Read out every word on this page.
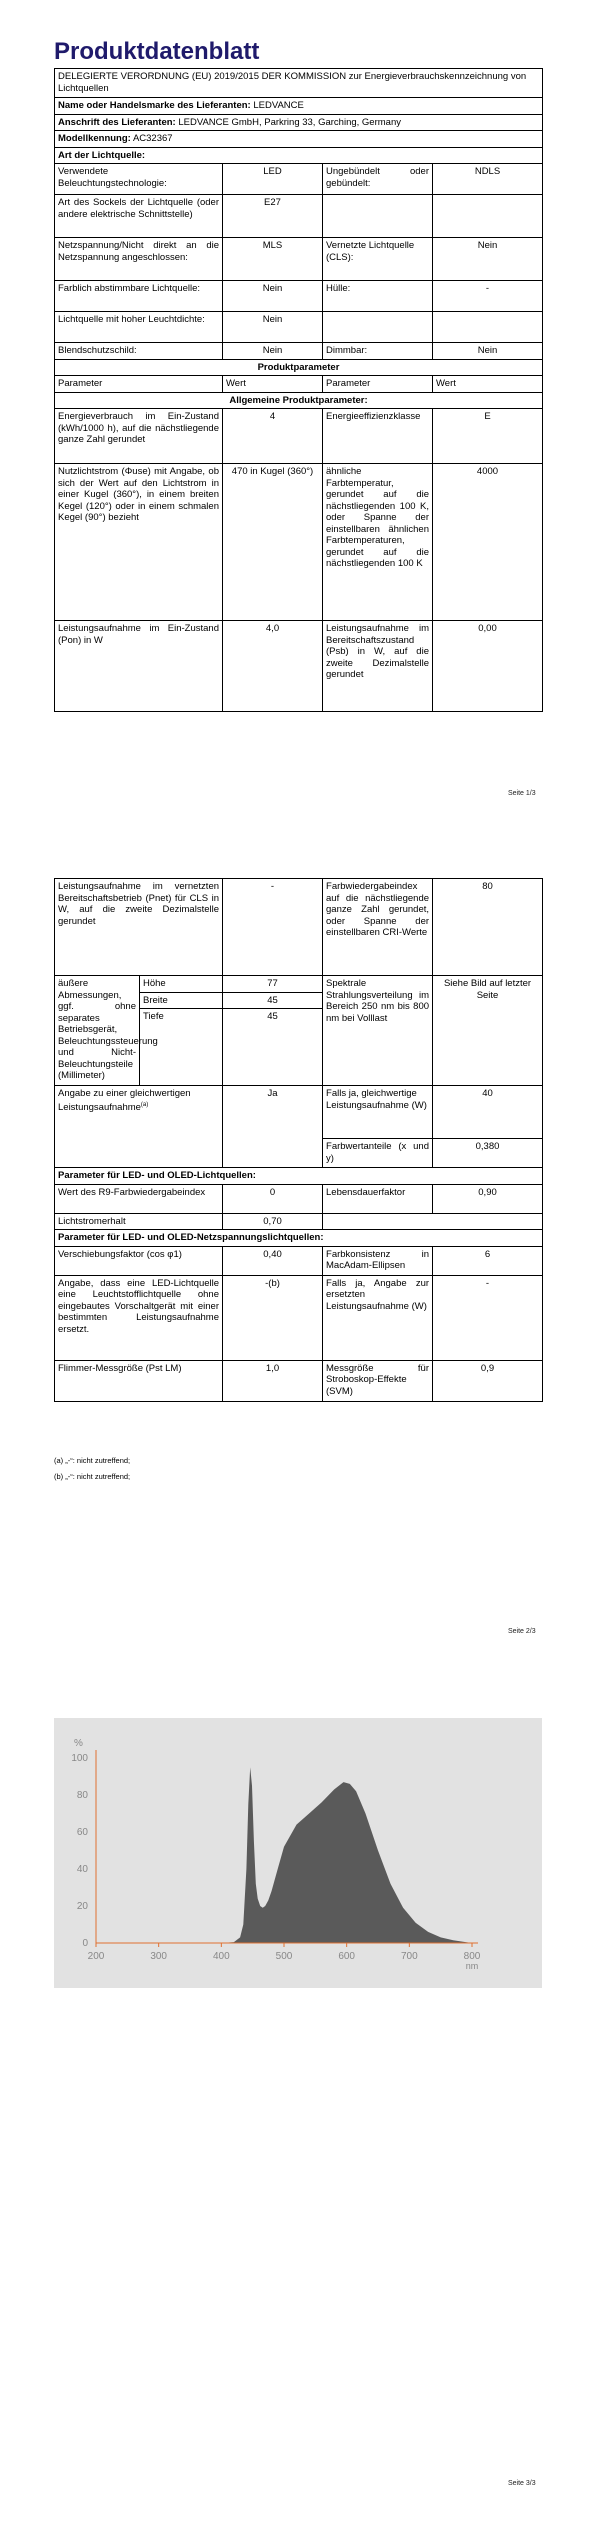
Produktdatenblatt
DELEGIERTE VERORDNUNG (EU) 2019/2015 DER KOMMISSION zur Energieverbrauchskennzeichnung von Lichtquellen			
Name oder Handelsmarke des Lieferanten: LEDVANCE			
Anschrift des Lieferanten: LEDVANCE GmbH, Parkring 33, Garching, Germany			
Modellkennung: AC32367			
Art der Lichtquelle:			
Verwendete Beleuchtungstechnologie:	LED	Ungebündelt oder gebündelt:	NDLS
Art des Sockels der Lichtquelle (oder andere elektrische Schnittstelle)	E27		
Netzspannung/Nicht direkt an die Netzspannung angeschlossen:	MLS	Vernetzte Lichtquelle (CLS):	Nein
Farblich abstimmbare Lichtquelle:	Nein	Hülle:	-
Lichtquelle mit hoher Leuchtdichte:	Nein		
Blendschutzschild:	Nein	Dimmbar:	Nein
Produktparameter			
Parameter	Wert	Parameter	Wert
Allgemeine Produktparameter:			
Energieverbrauch im Ein-Zustand (kWh/1000 h), auf die nächstliegende ganze Zahl gerundet	4	Energieeffizienzklasse	E
Nutzlichtstrom (Φuse) mit Angabe, ob sich der Wert auf den Lichtstrom in einer Kugel (360°), in einem breiten Kegel (120°) oder in einem schmalen Kegel (90°) bezieht	470 in Kugel (360°)	ähnliche Farbtemperatur, gerundet auf die nächstliegenden 100 K, oder Spanne der einstellbaren ähnlichen Farbtemperaturen, gerundet auf die nächstliegenden 100 K	4000
Leistungsaufnahme im Ein-Zustand (Pon) in W	4,0	Leistungsaufnahme im Bereitschaftszustand (Psb) in W, auf die zweite Dezimalstelle gerundet	0,00
Seite 1/3
Leistungsaufnahme im vernetzten Bereitschaftsbetrieb (Pnet) für CLS in W, auf die zweite Dezimalstelle gerundet		-	Farbwiedergabeindex auf die nächstliegende ganze Zahl gerundet, oder Spanne der einstellbaren CRI-Werte	80
äußere Abmessungen, ggf. ohne separates Betriebsgerät, Beleuchtungssteuerung und Nicht-Beleuchtungsteile (Millimeter)	Höhe	77	Spektrale Strahlungsverteilung im Bereich 250 nm bis 800 nm bei Volllast	Siehe Bild auf letzter Seite
	Breite	45		
	Tiefe	45		
Angabe zu einer gleichwertigen Leistungsaufnahme$^{(a)}$		Ja	Falls ja, gleichwertige Leistungsaufnahme (W)	40
			Farbwertanteile (x und y)	0,380
Parameter für LED- und OLED-Lichtquellen:				
Wert des R9-Farbwiedergabeindex		0	Lebensdauerfaktor	0,90
Lichtstromerhalt		0,70		
Parameter für LED- und OLED-Netzspannungslichtquellen:				
Verschiebungsfaktor (cos φ1)		0,40	Farbkonsistenz in MacAdam-Ellipsen	6
Angabe, dass eine LED-Lichtquelle eine Leuchtstofflichtquelle ohne eingebautes Vorschaltgerät mit einer bestimmten Leistungsaufnahme ersetzt.		-(b)	Falls ja, Angabe zur ersetzten Leistungsaufnahme (W)	-
Flimmer-Messgröße (Pst LM)		1,0	Messgröße für Stroboskop-Effekte (SVM)	0,9
(a) „-“: nicht zutreffend;
(b) „-“: nicht zutreffend;
Seite 2/3
%
0
20
40
60
80
100
200	300	400	500	600	700	800
nm
Seite 3/3
